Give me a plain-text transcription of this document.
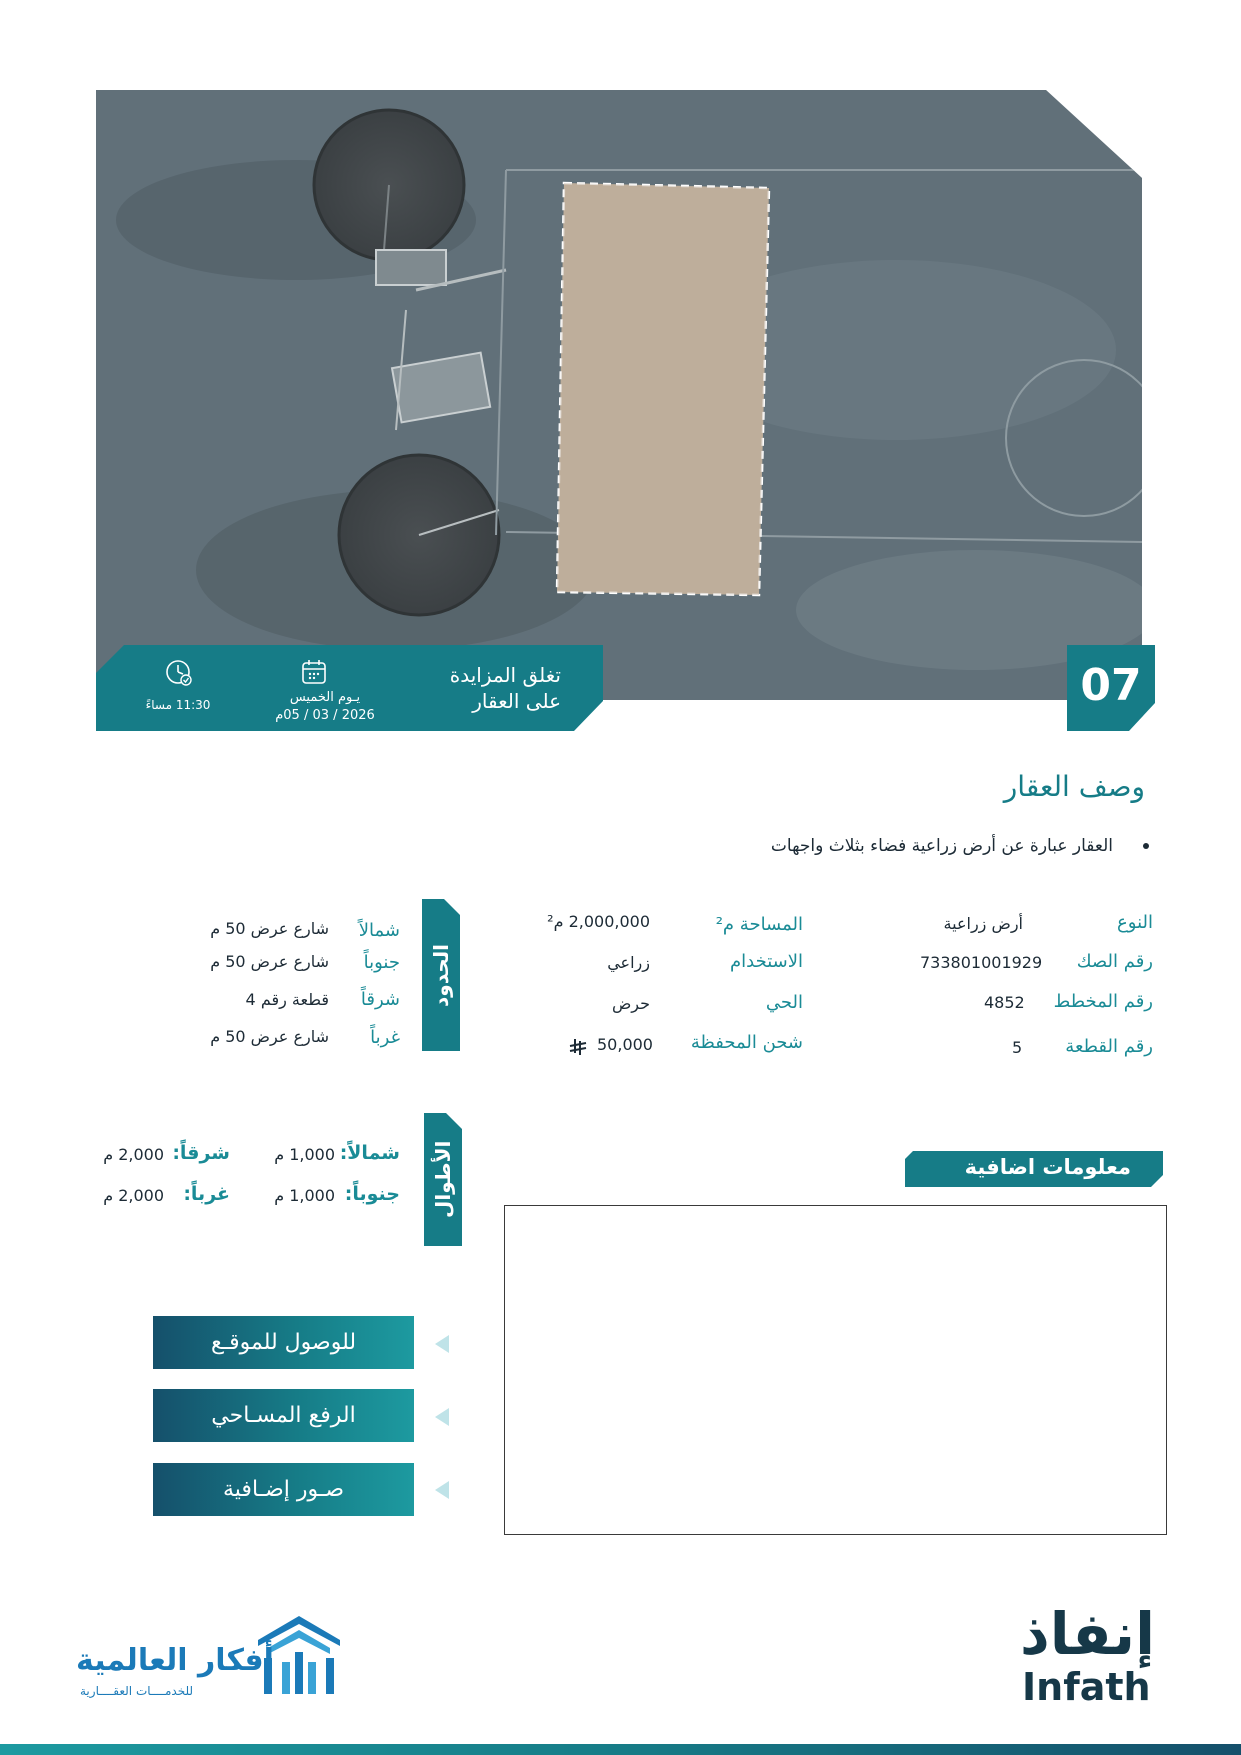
تغلق المزايدة
على العقار
يـوم الخميس
2026 / 03 / 05م
11:30 مساءً	07
وصف العقار
العقار عبارة عن أرض زراعية فضاء بثلاث واجهات
النوع
أرض زراعية
رقم الصك
733801001929
رقم المخطط
4852
رقم القطعة
5
المساحة م²
2,000,000 م²
الاستخدام
زراعي
الحي
حرض
شحن المحفظة
50,000
الحدود
شمالاً
شارع عرض 50 م
جنوباً
شارع عرض 50 م
شرقاً
قطعة رقم 4
غرباً
شارع عرض 50 م
الأطوال
شمالاً:
1,000 م
شرقاً:
2,000 م
جنوباً:
1,000 م
غرباً:
2,000 م
معلومات اضافية
للوصول للموقـع
الرفع المسـاحي
صـور إضـافية
إنفاذ
Infath
أفكار العالمية
للخدمــــات العقــــارية
